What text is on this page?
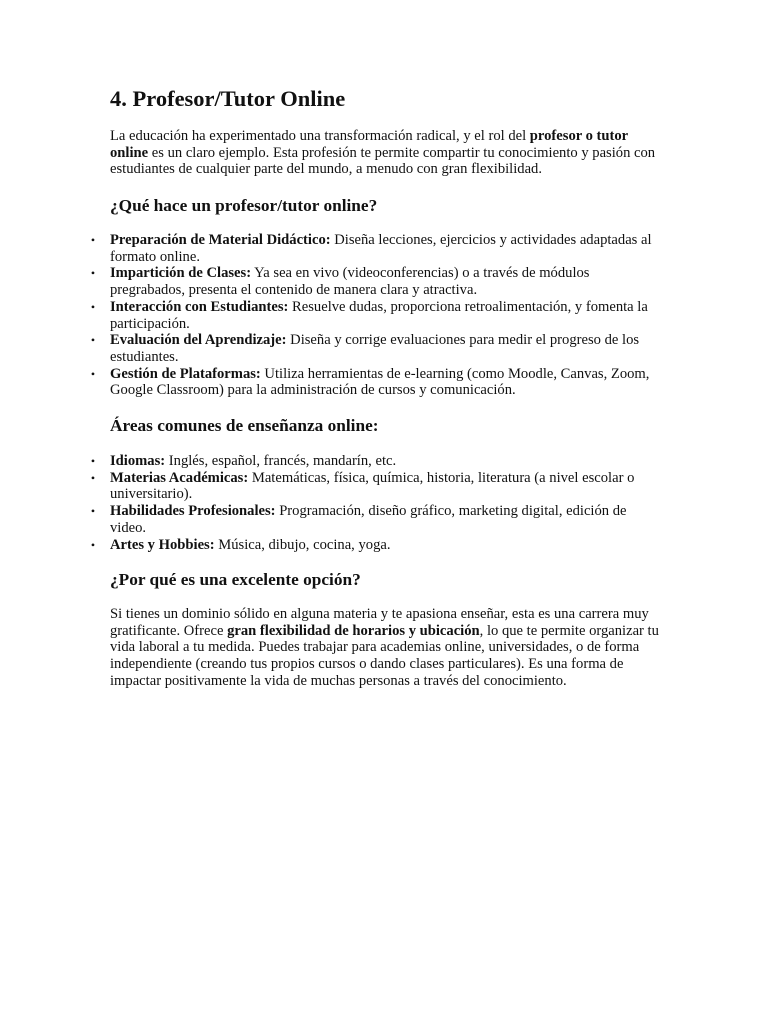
4. Profesor/Tutor Online

La educación ha experimentado una transformación radical, y el rol del profesor o tutor online es un claro ejemplo. Esta profesión te permite compartir tu conocimiento y pasión con estudiantes de cualquier parte del mundo, a menudo con gran flexibilidad.

¿Qué hace un profesor/tutor online?
• Preparación de Material Didáctico: Diseña lecciones, ejercicios y actividades adaptadas al formato online.
• Impartición de Clases: Ya sea en vivo (videoconferencias) o a través de módulos pregrabados, presenta el contenido de manera clara y atractiva.
• Interacción con Estudiantes: Resuelve dudas, proporciona retroalimentación, y fomenta la participación.
• Evaluación del Aprendizaje: Diseña y corrige evaluaciones para medir el progreso de los estudiantes.
• Gestión de Plataformas: Utiliza herramientas de e-learning (como Moodle, Canvas, Zoom, Google Classroom) para la administración de cursos y comunicación.
Áreas comunes de enseñanza online:
• Idiomas: Inglés, español, francés, mandarín, etc.
• Materias Académicas: Matemáticas, física, química, historia, literatura (a nivel escolar o universitario).
• Habilidades Profesionales: Programación, diseño gráfico, marketing digital, edición de video.
• Artes y Hobbies: Música, dibujo, cocina, yoga.
¿Por qué es una excelente opción?

Si tienes un dominio sólido en alguna materia y te apasiona enseñar, esta es una carrera muy gratificante. Ofrece gran flexibilidad de horarios y ubicación, lo que te permite organizar tu vida laboral a tu medida. Puedes trabajar para academias online, universidades, o de forma independiente (creando tus propios cursos o dando clases particulares). Es una forma de impactar positivamente la vida de muchas personas a través del conocimiento.
